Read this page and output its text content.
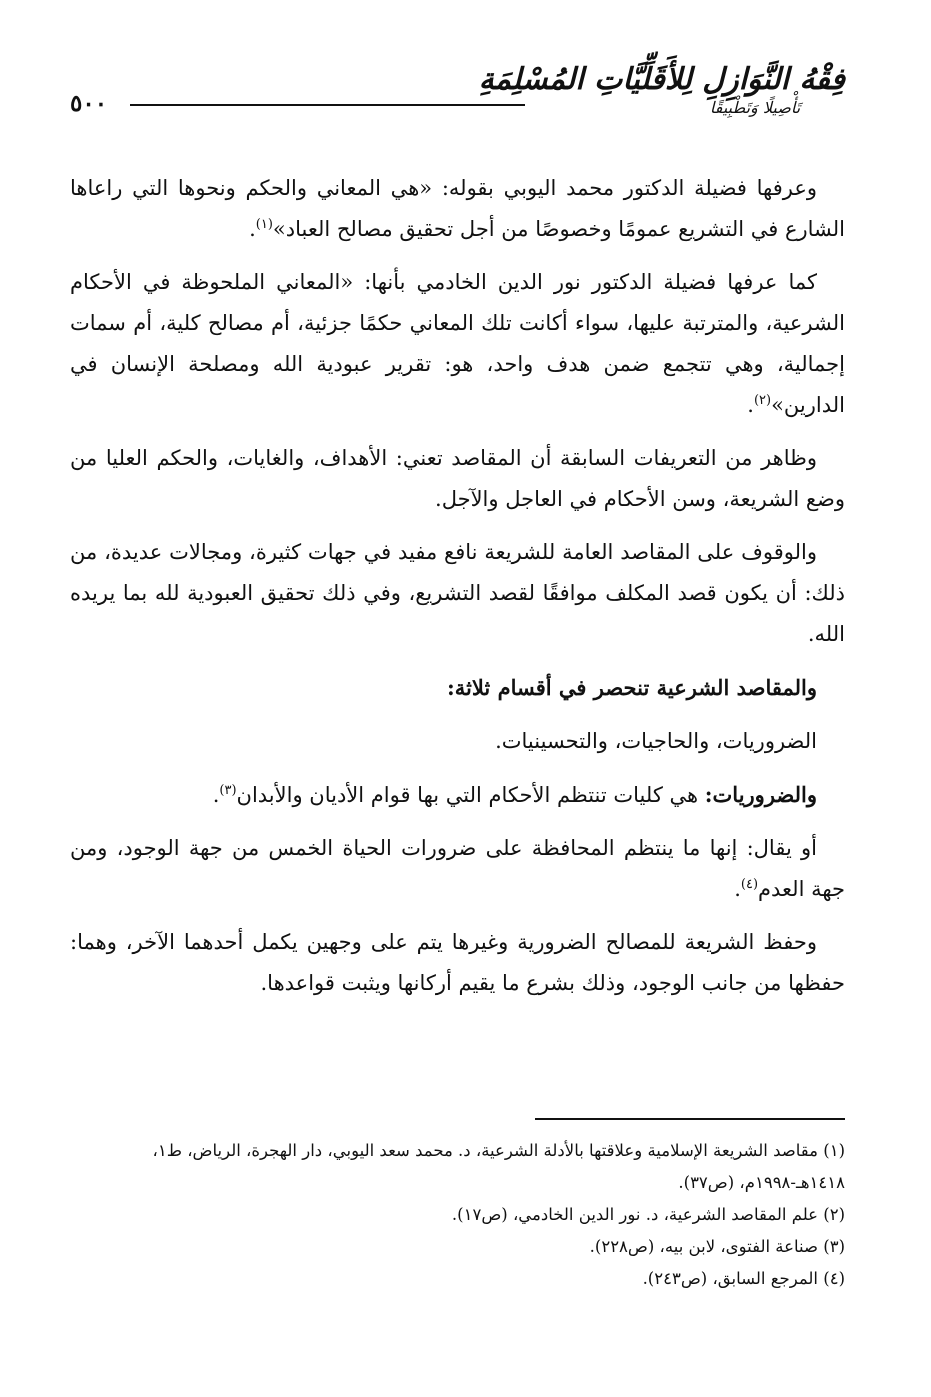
فِقْهُ النَّوَازِلِ لِلأَقَلِّيَّاتِ المُسْلِمَةِ
تَأْصِيلًا وَتَطْبِيقًا
٥٠٠

وعرفها فضيلة الدكتور محمد اليوبي بقوله: «هي المعاني والحكم ونحوها التي راعاها الشارع في التشريع عمومًا وخصوصًا من أجل تحقيق مصالح العباد»$^{(١)}$.

كما عرفها فضيلة الدكتور نور الدين الخادمي بأنها: «المعاني الملحوظة في الأحكام الشرعية، والمترتبة عليها، سواء أكانت تلك المعاني حكمًا جزئية، أم مصالح كلية، أم سمات إجمالية، وهي تتجمع ضمن هدف واحد، هو: تقرير عبودية الله ومصلحة الإنسان في الدارين»$^{(٢)}$.

وظاهر من التعريفات السابقة أن المقاصد تعني: الأهداف، والغايات، والحكم العليا من وضع الشريعة، وسن الأحكام في العاجل والآجل.

والوقوف على المقاصد العامة للشريعة نافع مفيد في جهات كثيرة، ومجالات عديدة، من ذلك: أن يكون قصد المكلف موافقًا لقصد التشريع، وفي ذلك تحقيق العبودية لله بما يريده الله.

والمقاصد الشرعية تنحصر في أقسام ثلاثة:

الضروريات، والحاجيات، والتحسينيات.

والضروريات: هي كليات تنتظم الأحكام التي بها قوام الأديان والأبدان$^{(٣)}$.

أو يقال: إنها ما ينتظم المحافظة على ضرورات الحياة الخمس من جهة الوجود، ومن جهة العدم$^{(٤)}$.

وحفظ الشريعة للمصالح الضرورية وغيرها يتم على وجهين يكمل أحدهما الآخر، وهما: حفظها من جانب الوجود، وذلك بشرع ما يقيم أركانها ويثبت قواعدها.

(١) مقاصد الشريعة الإسلامية وعلاقتها بالأدلة الشرعية، د. محمد سعد اليوبي، دار الهجرة، الرياض، ط١، ١٤١٨هـ-١٩٩٨م، (ص٣٧).

(٢) علم المقاصد الشرعية، د. نور الدين الخادمي، (ص١٧).

(٣) صناعة الفتوى، لابن بيه، (ص٢٢٨).

(٤) المرجع السابق، (ص٢٤٣).
